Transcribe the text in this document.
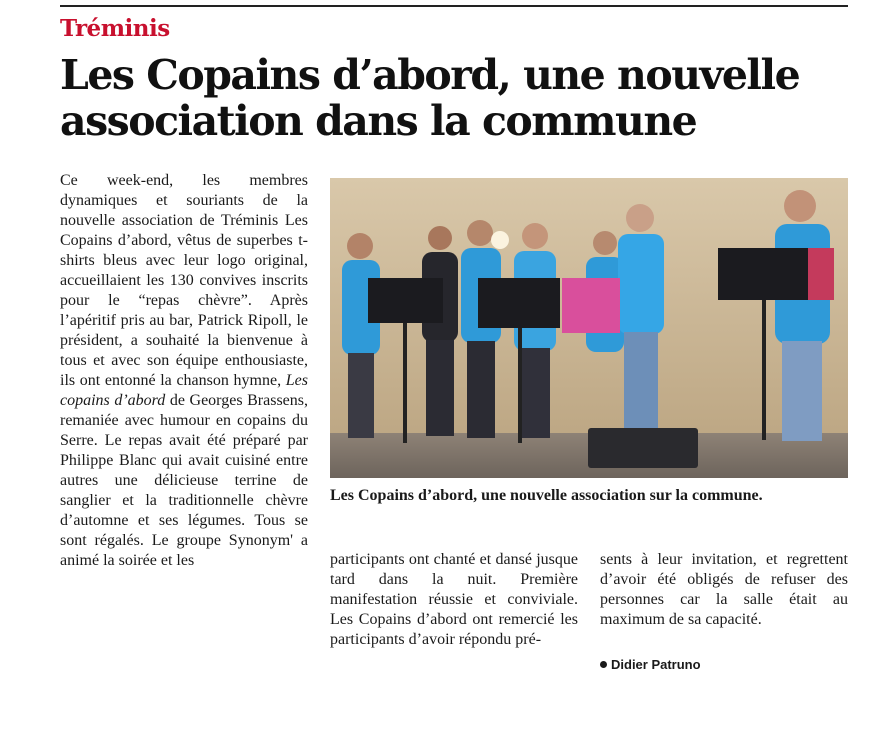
Tréminis
Les Copains d’abord, une nouvelle association dans la commune

Ce week-end, les membres dynamiques et souriants de la nouvelle association de Tréminis Les Copains d’abord, vêtus de superbes t-shirts bleus avec leur logo original, accueillaient les 130 convives inscrits pour le “repas chèvre”. Après l’apéritif pris au bar, Patrick Ripoll, le président, a souhaité la bienvenue à tous et avec son équipe enthousiaste, ils ont entonné la chanson hymne, Les copains d’abord de Georges Brassens, remaniée avec humour en copains du Serre. Le repas avait été préparé par Philippe Blanc qui avait cuisiné entre autres une délicieuse terrine de sanglier et la traditionnelle chèvre d’automne et ses légumes. Tous se sont régalés. Le groupe Synonym' a animé la soirée et les

Les Copains d’abord, une nouvelle association sur la commune.

participants ont chanté et dansé jusque tard dans la nuit. Première manifestation réussie et conviviale. Les Copains d’abord ont remercié les participants d’avoir répondu pré-

sents à leur invitation, et regrettent d’avoir été obligés de refuser des personnes car la salle était au maximum de sa capacité.

Didier Patruno
